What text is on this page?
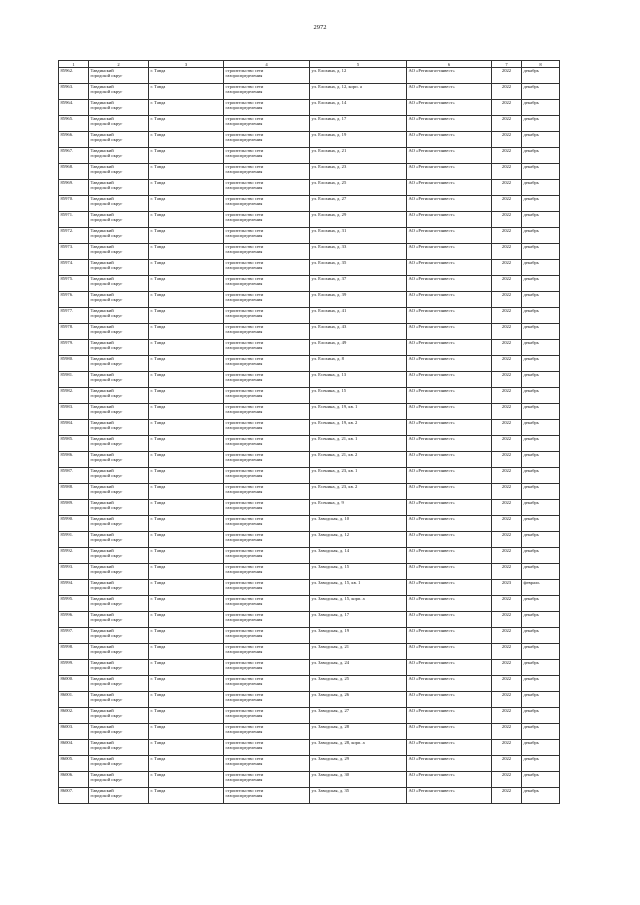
2972
1	2	3	4	5	6	7	8

85962.	Тавдинский
городской округ	г. Тавда	строительство сети
газораспределения	ул. Елохина, д. 12	АО «Регионгаз-инвест»	2022	декабрь

85963.	Тавдинский
городской округ	г. Тавда	строительство сети
газораспределения	ул. Елохина, д. 12, корп. а	АО «Регионгаз-инвест»	2022	декабрь

85964.	Тавдинский
городской округ	г. Тавда	строительство сети
газораспределения	ул. Елохина, д. 14	АО «Регионгаз-инвест»	2022	декабрь

85965.	Тавдинский
городской округ	г. Тавда	строительство сети
газораспределения	ул. Елохина, д. 17	АО «Регионгаз-инвест»	2022	декабрь

85966.	Тавдинский
городской округ	г. Тавда	строительство сети
газораспределения	ул. Елохина, д. 19	АО «Регионгаз-инвест»	2022	декабрь

85967.	Тавдинский
городской округ	г. Тавда	строительство сети
газораспределения	ул. Елохина, д. 21	АО «Регионгаз-инвест»	2022	декабрь

85968.	Тавдинский
городской округ	г. Тавда	строительство сети
газораспределения	ул. Елохина, д. 23	АО «Регионгаз-инвест»	2022	декабрь

85969.	Тавдинский
городской округ	г. Тавда	строительство сети
газораспределения	ул. Елохина, д. 25	АО «Регионгаз-инвест»	2022	декабрь

85970.	Тавдинский
городской округ	г. Тавда	строительство сети
газораспределения	ул. Елохина, д. 27	АО «Регионгаз-инвест»	2022	декабрь

85971.	Тавдинский
городской округ	г. Тавда	строительство сети
газораспределения	ул. Елохина, д. 29	АО «Регионгаз-инвест»	2022	декабрь

85972.	Тавдинский
городской округ	г. Тавда	строительство сети
газораспределения	ул. Елохина, д. 31	АО «Регионгаз-инвест»	2022	декабрь

85973.	Тавдинский
городской округ	г. Тавда	строительство сети
газораспределения	ул. Елохина, д. 33	АО «Регионгаз-инвест»	2022	декабрь

85974.	Тавдинский
городской округ	г. Тавда	строительство сети
газораспределения	ул. Елохина, д. 35	АО «Регионгаз-инвест»	2022	декабрь

85975.	Тавдинский
городской округ	г. Тавда	строительство сети
газораспределения	ул. Елохина, д. 37	АО «Регионгаз-инвест»	2022	декабрь

85976.	Тавдинский
городской округ	г. Тавда	строительство сети
газораспределения	ул. Елохина, д. 39	АО «Регионгаз-инвест»	2022	декабрь

85977.	Тавдинский
городской округ	г. Тавда	строительство сети
газораспределения	ул. Елохина, д. 41	АО «Регионгаз-инвест»	2022	декабрь

85978.	Тавдинский
городской округ	г. Тавда	строительство сети
газораспределения	ул. Елохина, д. 43	АО «Регионгаз-инвест»	2022	декабрь

85979.	Тавдинский
городской округ	г. Тавда	строительство сети
газораспределения	ул. Елохина, д. 49	АО «Регионгаз-инвест»	2022	декабрь

85980.	Тавдинский
городской округ	г. Тавда	строительство сети
газораспределения	ул. Елохина, д. 8	АО «Регионгаз-инвест»	2022	декабрь

85981.	Тавдинский
городской округ	г. Тавда	строительство сети
газораспределения	ул. Есенина, д. 13	АО «Регионгаз-инвест»	2022	декабрь

85982.	Тавдинский
городской округ	г. Тавда	строительство сети
газораспределения	ул. Есенина, д. 15	АО «Регионгаз-инвест»	2022	декабрь

85983.	Тавдинский
городской округ	г. Тавда	строительство сети
газораспределения	ул. Есенина, д. 19, кв. 1	АО «Регионгаз-инвест»	2022	декабрь

85984.	Тавдинский
городской округ	г. Тавда	строительство сети
газораспределения	ул. Есенина, д. 19, кв. 2	АО «Регионгаз-инвест»	2022	декабрь

85985.	Тавдинский
городской округ	г. Тавда	строительство сети
газораспределения	ул. Есенина, д. 21, кв. 1	АО «Регионгаз-инвест»	2022	декабрь

85986.	Тавдинский
городской округ	г. Тавда	строительство сети
газораспределения	ул. Есенина, д. 21, кв. 2	АО «Регионгаз-инвест»	2022	декабрь

85987.	Тавдинский
городской округ	г. Тавда	строительство сети
газораспределения	ул. Есенина, д. 23, кв. 1	АО «Регионгаз-инвест»	2022	декабрь

85988.	Тавдинский
городской округ	г. Тавда	строительство сети
газораспределения	ул. Есенина, д. 23, кв. 2	АО «Регионгаз-инвест»	2022	декабрь

85989.	Тавдинский
городской округ	г. Тавда	строительство сети
газораспределения	ул. Есенина, д. 9	АО «Регионгаз-инвест»	2022	декабрь

85990.	Тавдинский
городской округ	г. Тавда	строительство сети
газораспределения	ул. Заводская, д. 10	АО «Регионгаз-инвест»	2022	декабрь

85991.	Тавдинский
городской округ	г. Тавда	строительство сети
газораспределения	ул. Заводская, д. 12	АО «Регионгаз-инвест»	2022	декабрь

85992.	Тавдинский
городской округ	г. Тавда	строительство сети
газораспределения	ул. Заводская, д. 14	АО «Регионгаз-инвест»	2022	декабрь

85993.	Тавдинский
городской округ	г. Тавда	строительство сети
газораспределения	ул. Заводская, д. 15	АО «Регионгаз-инвест»	2022	декабрь

85994.	Тавдинский
городской округ	г. Тавда	строительство сети
газораспределения	ул. Заводская, д. 15, кв. 1	АО «Регионгаз-инвест»	2023	февраль

85995.	Тавдинский
городской округ	г. Тавда	строительство сети
газораспределения	ул. Заводская, д. 15, корп. а	АО «Регионгаз-инвест»	2022	декабрь

85996.	Тавдинский
городской округ	г. Тавда	строительство сети
газораспределения	ул. Заводская, д. 17	АО «Регионгаз-инвест»	2022	декабрь

85997.	Тавдинский
городской округ	г. Тавда	строительство сети
газораспределения	ул. Заводская, д. 19	АО «Регионгаз-инвест»	2022	декабрь

85998.	Тавдинский
городской округ	г. Тавда	строительство сети
газораспределения	ул. Заводская, д. 21	АО «Регионгаз-инвест»	2022	декабрь

85999.	Тавдинский
городской округ	г. Тавда	строительство сети
газораспределения	ул. Заводская, д. 24	АО «Регионгаз-инвест»	2022	декабрь

86000.	Тавдинский
городской округ	г. Тавда	строительство сети
газораспределения	ул. Заводская, д. 25	АО «Регионгаз-инвест»	2022	декабрь

86001.	Тавдинский
городской округ	г. Тавда	строительство сети
газораспределения	ул. Заводская, д. 26	АО «Регионгаз-инвест»	2022	декабрь

86002.	Тавдинский
городской округ	г. Тавда	строительство сети
газораспределения	ул. Заводская, д. 27	АО «Регионгаз-инвест»	2022	декабрь

86003.	Тавдинский
городской округ	г. Тавда	строительство сети
газораспределения	ул. Заводская, д. 28	АО «Регионгаз-инвест»	2022	декабрь

86004.	Тавдинский
городской округ	г. Тавда	строительство сети
газораспределения	ул. Заводская, д. 28, корп. а	АО «Регионгаз-инвест»	2022	декабрь

86005.	Тавдинский
городской округ	г. Тавда	строительство сети
газораспределения	ул. Заводская, д. 29	АО «Регионгаз-инвест»	2022	декабрь

86006.	Тавдинский
городской округ	г. Тавда	строительство сети
газораспределения	ул. Заводская, д. 30	АО «Регионгаз-инвест»	2022	декабрь

86007.	Тавдинский
городской округ	г. Тавда	строительство сети
газораспределения	ул. Заводская, д. 35	АО «Регионгаз-инвест»	2022	декабрь
